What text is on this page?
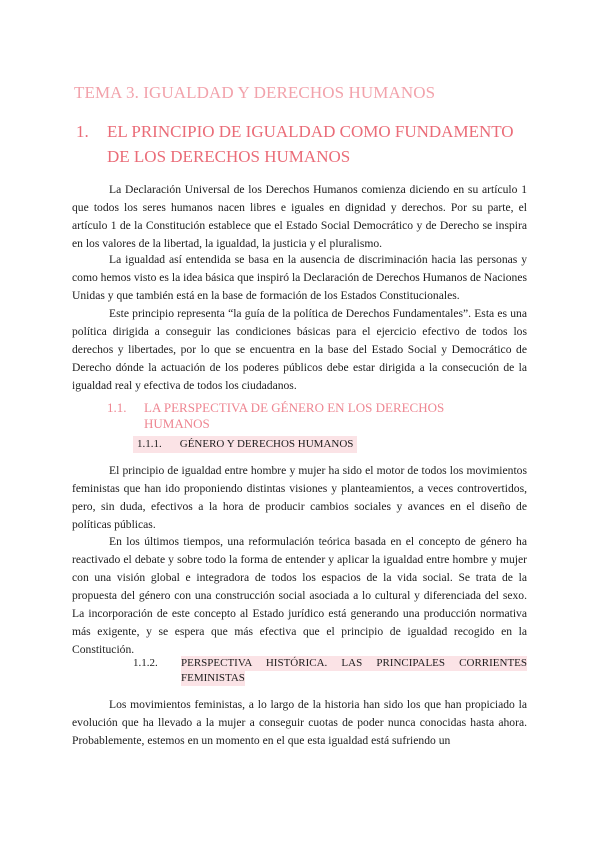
TEMA 3. IGUALDAD Y DERECHOS HUMANOS
1. EL PRINCIPIO DE IGUALDAD COMO FUNDAMENTO DE LOS DERECHOS HUMANOS

La Declaración Universal de los Derechos Humanos comienza diciendo en su artículo 1 que todos los seres humanos nacen libres e iguales en dignidad y derechos. Por su parte, el artículo 1 de la Constitución establece que el Estado Social Democrático y de Derecho se inspira en los valores de la libertad, la igualdad, la justicia y el pluralismo.

La igualdad así entendida se basa en la ausencia de discriminación hacia las personas y como hemos visto es la idea básica que inspiró la Declaración de Derechos Humanos de Naciones Unidas y que también está en la base de formación de los Estados Constitucionales.

Este principio representa “la guía de la política de Derechos Fundamentales”. Esta es una política dirigida a conseguir las condiciones básicas para el ejercicio efectivo de todos los derechos y libertades, por lo que se encuentra en la base del Estado Social y Democrático de Derecho dónde la actuación de los poderes públicos debe estar dirigida a la consecución de la igualdad real y efectiva de todos los ciudadanos.

1.1. LA PERSPECTIVA DE GÉNERO EN LOS DERECHOS HUMANOS
1.1.1. GÉNERO Y DERECHOS HUMANOS

El principio de igualdad entre hombre y mujer ha sido el motor de todos los movimientos feministas que han ido proponiendo distintas visiones y planteamientos, a veces controvertidos, pero, sin duda, efectivos a la hora de producir cambios sociales y avances en el diseño de políticas públicas.

En los últimos tiempos, una reformulación teórica basada en el concepto de género ha reactivado el debate y sobre todo la forma de entender y aplicar la igualdad entre hombre y mujer con una visión global e integradora de todos los espacios de la vida social. Se trata de la propuesta del género con una construcción social asociada a lo cultural y diferenciada del sexo. La incorporación de este concepto al Estado jurídico está generando una producción normativa más exigente, y se espera que más efectiva que el principio de igualdad recogido en la Constitución.

1.1.2. PERSPECTIVA HISTÓRICA. LAS PRINCIPALES CORRIENTES
FEMINISTAS

Los movimientos feministas, a lo largo de la historia han sido los que han propiciado la evolución que ha llevado a la mujer a conseguir cuotas de poder nunca conocidas hasta ahora. Probablemente, estemos en un momento en el que esta igualdad está sufriendo un
